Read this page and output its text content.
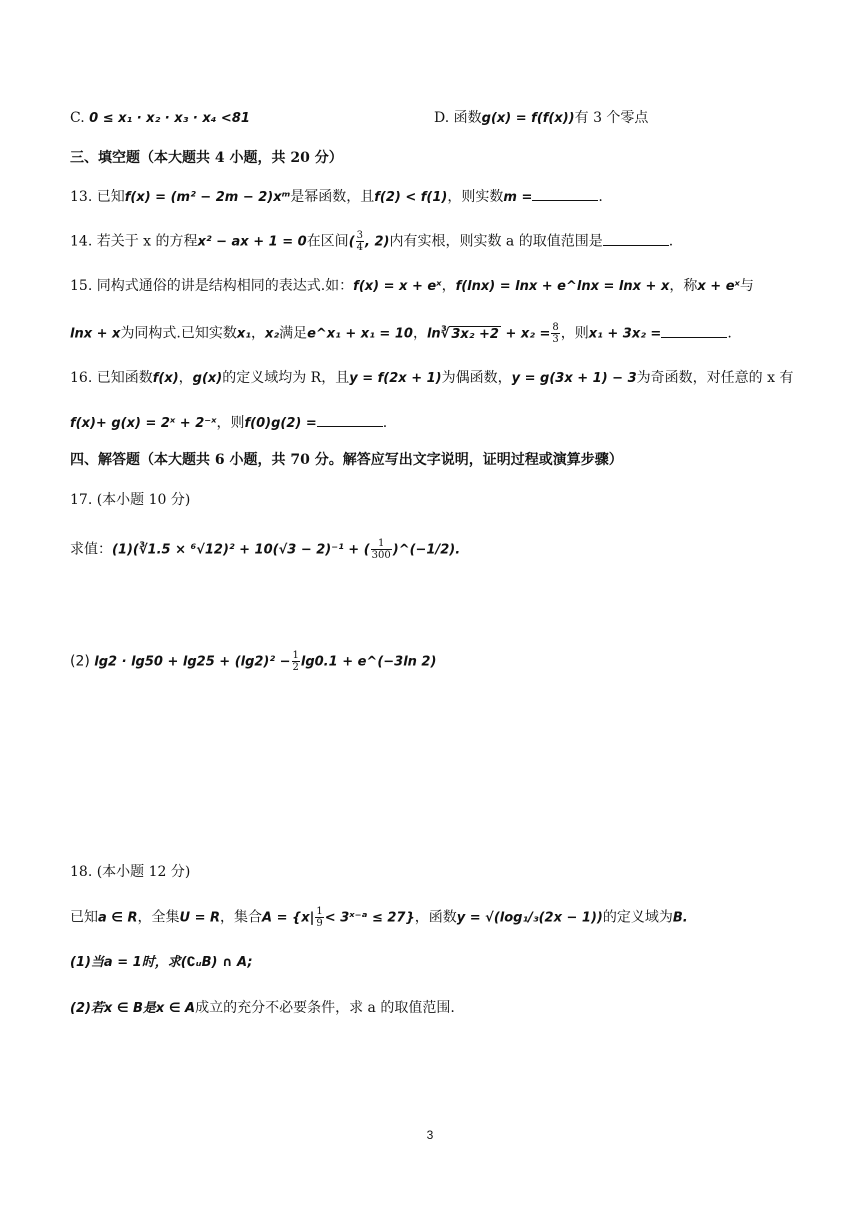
C. 0 ≤ x₁ · x₂ · x₃ · x₄ <81	D. 函数g(x) = f(f(x))有 3 个零点
三、填空题（本大题共 4 小题，共 20 分）
13. 已知f(x) = (m² − 2m − 2)xᵐ是幂函数，且f(2) < f(1)，则实数m =	.
14. 若关于 x 的方程x² − ax + 1 = 0在区间( $\frac{3}{4}$ , 2)内有实根，则实数 a 的取值范围是	.
15. 同构式通俗的讲是结构相同的表达式.如：f(x) = x + eˣ，f(lnx) = lnx + e^lnx = lnx + x，称x + eˣ与
lnx + x为同构式.已知实数x₁，x₂满足e^x₁ + x₁ = 10，ln∛ $3x_2 +2 + x_2 = \frac{8}{3}$ ，则x₁ + 3x₂ =	.
16. 已知函数f(x)，g(x)的定义域均为 R，且y = f(2x + 1)为偶函数，y = g(3x + 1) − 3为奇函数，对任意的 x 有
f(x)+ g(x) = 2ˣ + 2⁻ˣ，则f(0)g(2) =	.
四、解答题（本大题共 6 小题，共 70 分。解答应写出文字说明，证明过程或演算步骤）
17. (本小题 10 分)
求值：(1)(∛1.5 × ⁶√12)² + 10(√3 − 2)⁻¹ + ( $\frac{1}{300}$ )^(−1/2).
(2) $\lg 2 \cdot \lg 50 + \lg 25 + (\lg 2)^2 - \frac{1}{2} \lg 0.1$ + e^(−3ln 2)
18. (本小题 12 分)
已知a ∈ R，全集U = R，集合$A = \{x| \frac{1}{9}$ < 3ˣ⁻ᵃ ≤ 27}，函数y = √(log₁/₃(2x − 1))的定义域为B.
(1)当a = 1时，求(∁ᵤB) ∩ A;
(2)若x ∈ B是x ∈ A成立的充分不必要条件，求 a 的取值范围.
3
